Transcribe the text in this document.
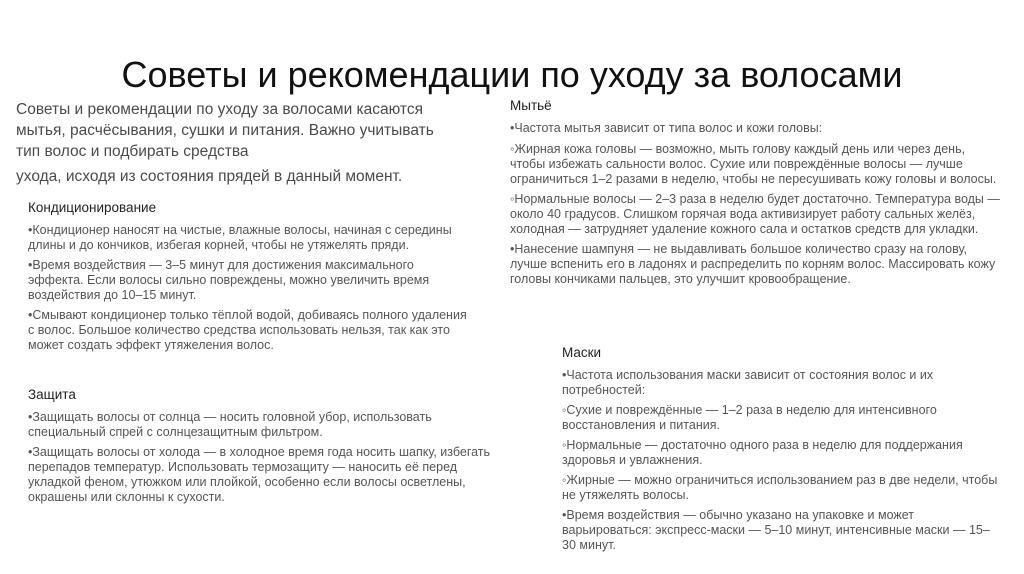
Советы и рекомендации по уходу за волосами
Советы и рекомендации по уходу за волосами касаются мытья, расчёсывания, сушки и питания. Важно учитывать тип волос и подбирать средства
ухода, исходя из состояния прядей в данный момент.
Кондиционирование

•Кондиционер наносят на чистые, влажные волосы, начиная с середины длины и до кончиков, избегая корней, чтобы не утяжелять пряди.

•Время воздействия — 3–5 минут для достижения максимального эффекта. Если волосы сильно повреждены, можно увеличить время воздействия до 10–15 минут.

•Смывают кондиционер только тёплой водой, добиваясь полного удаления с волос. Большое количество средства использовать нельзя, так как это может создать эффект утяжеления волос.

Защита

•Защищать волосы от солнца — носить головной убор, использовать специальный спрей с солнцезащитным фильтром.

•Защищать волосы от холода — в холодное время года носить шапку, избегать перепадов температур. Использовать термозащиту — наносить её перед укладкой феном, утюжком или плойкой, особенно если волосы осветлены, окрашены или склонны к сухости.

Мытьё

•Частота мытья зависит от типа волос и кожи головы:

◦Жирная кожа головы — возможно, мыть голову каждый день или через день, чтобы избежать сальности волос. Сухие или повреждённые волосы — лучше ограничиться 1–2 разами в неделю, чтобы не пересушивать кожу головы и волосы.

◦Нормальные волосы — 2–3 раза в неделю будет достаточно. Температура воды — около 40 градусов. Слишком горячая вода активизирует работу сальных желёз, холодная — затрудняет удаление кожного сала и остатков средств для укладки.

•Нанесение шампуня — не выдавливать большое количество сразу на голову, лучше вспенить его в ладонях и распределить по корням волос. Массировать кожу головы кончиками пальцев, это улучшит кровообращение.

Маски

•Частота использования маски зависит от состояния волос и их потребностей:

◦Сухие и повреждённые — 1–2 раза в неделю для интенсивного восстановления и питания.

◦Нормальные — достаточно одного раза в неделю для поддержания здоровья и увлажнения.

◦Жирные — можно ограничиться использованием раз в две недели, чтобы не утяжелять волосы.

•Время воздействия — обычно указано на упаковке и может варьироваться: экспресс-маски — 5–10 минут, интенсивные маски — 15–30 минут.
